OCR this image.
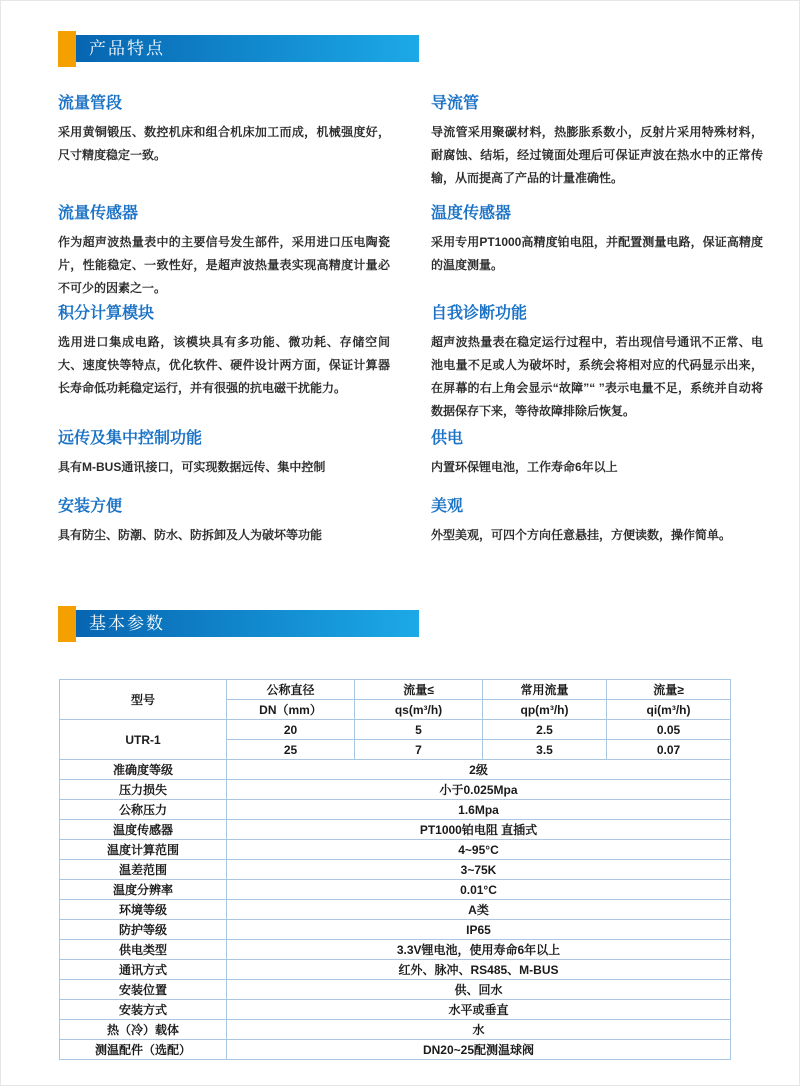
产品特点
流量管段

采用黄铜锻压、数控机床和组合机床加工而成，机械强度好，尺寸精度稳定一致。

流量传感器

作为超声波热量表中的主要信号发生部件，采用进口压电陶瓷片，性能稳定、一致性好，是超声波热量表实现高精度计量必不可少的因素之一。

积分计算模块

选用进口集成电路，该模块具有多功能、微功耗、存储空间大、速度快等特点，优化软件、硬件设计两方面，保证计算器长寿命低功耗稳定运行，并有很强的抗电磁干扰能力。

远传及集中控制功能

具有M-BUS通讯接口，可实现数据远传、集中控制

安装方便

具有防尘、防潮、防水、防拆卸及人为破坏等功能

导流管

导流管采用聚碳材料，热膨胀系数小，反射片采用特殊材料，耐腐蚀、结垢，经过镜面处理后可保证声波在热水中的正常传输，从而提高了产品的计量准确性。

温度传感器

采用专用PT1000高精度铂电阻，并配置测量电路，保证高精度的温度测量。

自我诊断功能

超声波热量表在稳定运行过程中，若出现信号通讯不正常、电池电量不足或人为破坏时，系统会将相对应的代码显示出来，在屏幕的右上角会显示“故障”“ ”表示电量不足，系统并自动将数据保存下来，等待故障排除后恢复。

供电

内置环保锂电池，工作寿命6年以上

美观

外型美观，可四个方向任意悬挂，方便读数，操作简单。

基本参数
型号	公称直径	流量≤	常用流量	流量≥
	DN（mm）	qs(m³/h)	qp(m³/h)	qi(m³/h)
UTR-1	20	5	2.5	0.05
	25	7	3.5	0.07
准确度等级	2级			
压力损失	小于0.025Mpa			
公称压力	1.6Mpa			
温度传感器	PT1000铂电阻 直插式			
温度计算范围	4~95°C			
温差范围	3~75K			
温度分辨率	0.01°C			
环境等级	A类			
防护等级	IP65			
供电类型	3.3V锂电池，使用寿命6年以上			
通讯方式	红外、脉冲、RS485、M-BUS			
安装位置	供、回水			
安装方式	水平或垂直			
热（冷）载体	水			
测温配件（选配）	DN20~25配测温球阀			
